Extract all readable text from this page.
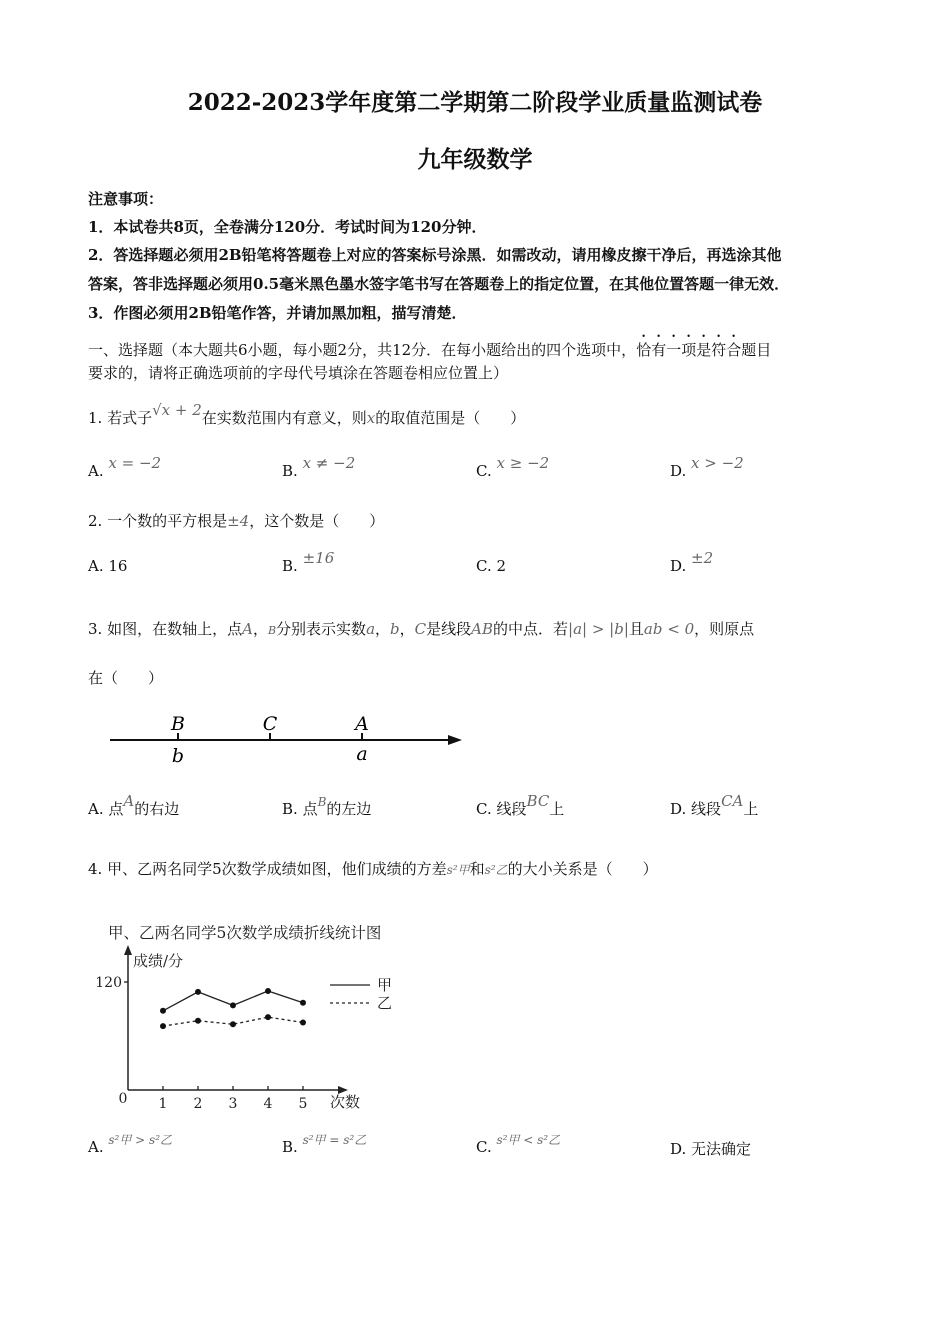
2022-2023学年度第二学期第二阶段学业质量监测试卷
九年级数学
注意事项：
1．本试卷共8页，全卷满分120分．考试时间为120分钟．
2．答选择题必须用2B铅笔将答题卷上对应的答案标号涂黑．如需改动，请用橡皮擦干净后，再选涂其他
答案，答非选择题必须用0.5毫米黑色墨水签字笔书写在答题卷上的指定位置，在其他位置答题一律无效．
3．作图必须用2B铅笔作答，并请加黑加粗，描写清楚．
一、选择题（本大题共6小题，每小题2分，共12分．在每小题给出的四个选项中，恰有一项是符合题目
要求的，请将正确选项前的字母代号填涂在答题卷相应位置上）
1. 若式子√x + 2在实数范围内有意义，则x的取值范围是（　　）
A. x = −2	B. x ≠ −2	C. x ≥ −2	D. x > −2
2. 一个数的平方根是±4，这个数是（　　）
A. 16	B. ±16	C. 2	D. ±2
3. 如图，在数轴上，点A，B分别表示实数a，b，C是线段AB的中点．若|a| > |b|且ab < 0，则原点
在（　　）
B	C	A
b	a
A. 点A的右边	B. 点$^B$的左边	C. 线段BC上	D. 线段CA上
4. 甲、乙两名同学5次数学成绩如图，他们成绩的方差s²甲和s²乙的大小关系是（　　）
甲、乙两名同学5次数学成绩折线统计图
成绩/分
次数
0
120
1 2 3 4 5
甲
乙
A. $^{s^2甲 > s^2乙}$	B. $^{s^2甲 = s^2乙}$	C. $^{s^2甲 < s^2乙}$	D. 无法确定
